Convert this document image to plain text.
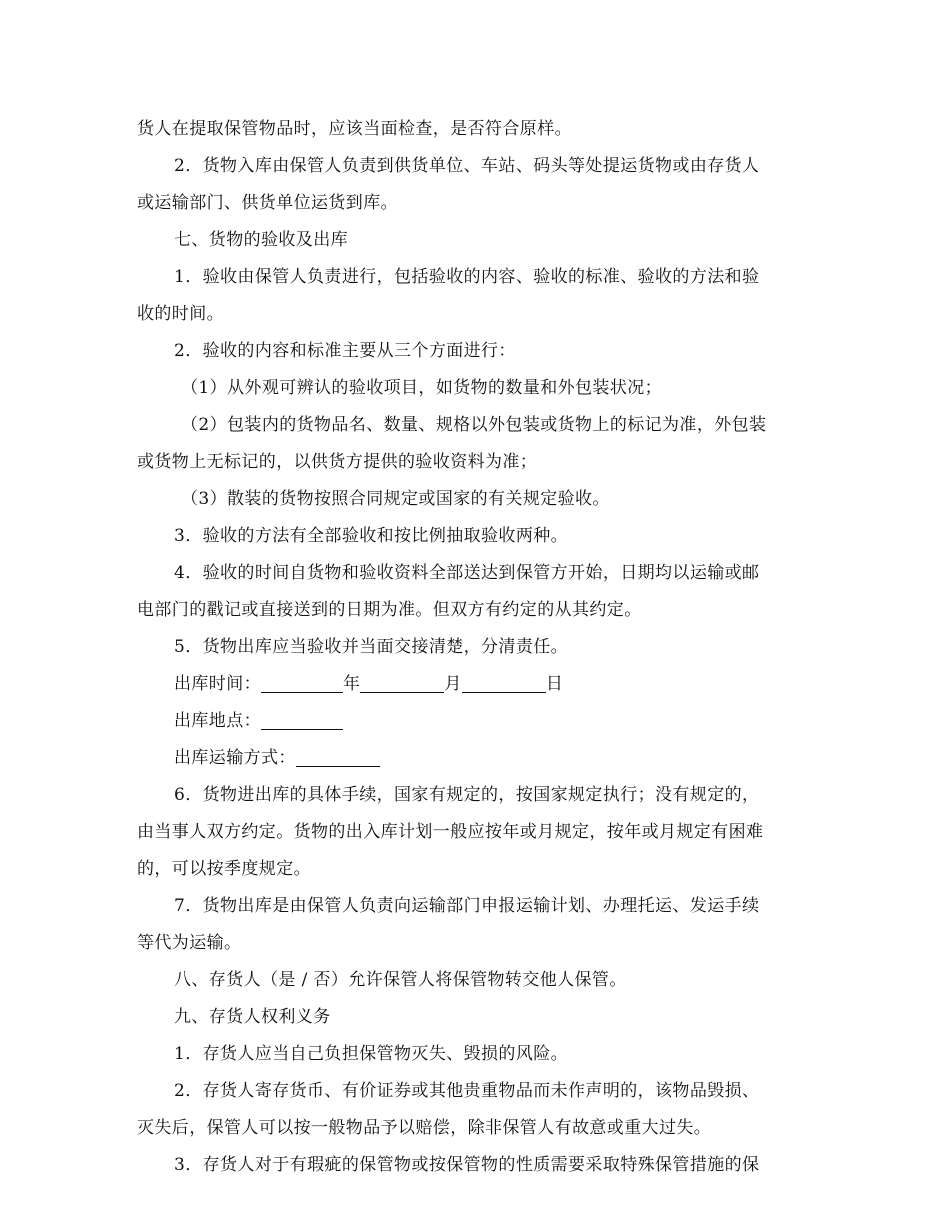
货人在提取保管物品时，应该当面检查，是否符合原样。

2．货物入库由保管人负责到供货单位、车站、码头等处提运货物或由存货人

或运输部门、供货单位运货到库。

七、货物的验收及出库

1．验收由保管人负责进行，包括验收的内容、验收的标准、验收的方法和验

收的时间。

2．验收的内容和标准主要从三个方面进行：

（1）从外观可辨认的验收项目，如货物的数量和外包装状况；

（2）包装内的货物品名、数量、规格以外包装或货物上的标记为准，外包装

或货物上无标记的，以供货方提供的验收资料为准；

（3）散装的货物按照合同规定或国家的有关规定验收。

3．验收的方法有全部验收和按比例抽取验收两种。

4．验收的时间自货物和验收资料全部送达到保管方开始，日期均以运输或邮

电部门的戳记或直接送到的日期为准。但双方有约定的从其约定。

5．货物出库应当验收并当面交接清楚，分清责任。

出库时间：	年	月	日

出库地点：

出库运输方式：

6．货物进出库的具体手续，国家有规定的，按国家规定执行；没有规定的，

由当事人双方约定。货物的出入库计划一般应按年或月规定，按年或月规定有困难

的，可以按季度规定。

7．货物出库是由保管人负责向运输部门申报运输计划、办理托运、发运手续

等代为运输。

八、存货人（是 / 否）允许保管人将保管物转交他人保管。

九、存货人权利义务

1．存货人应当自己负担保管物灭失、毁损的风险。

2．存货人寄存货币、有价证券或其他贵重物品而未作声明的，该物品毁损、

灭失后，保管人可以按一般物品予以赔偿，除非保管人有故意或重大过失。

3．存货人对于有瑕疵的保管物或按保管物的性质需要采取特殊保管措施的保
